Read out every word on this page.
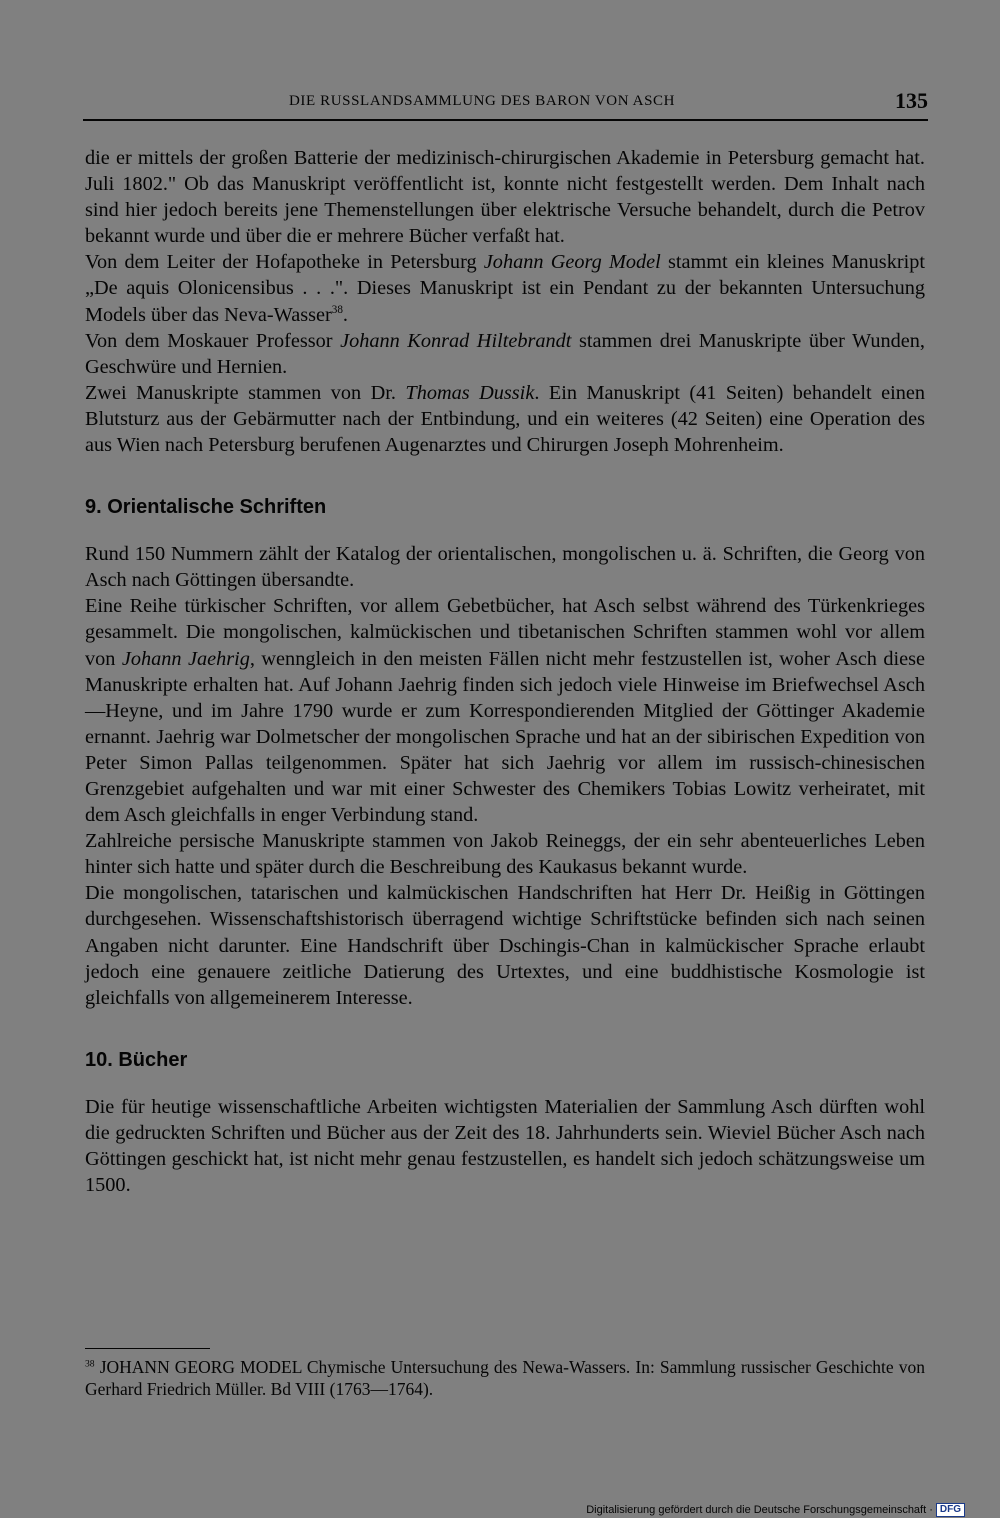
DIE RUSSLANDSAMMLUNG DES BARON VON ASCH	135

die er mittels der großen Batterie der medizinisch-chirurgischen Akademie in Petersburg gemacht hat. Juli 1802." Ob das Manuskript veröffentlicht ist, konnte nicht festgestellt werden. Dem Inhalt nach sind hier jedoch bereits jene Themenstellungen über elektrische Versuche behandelt, durch die Petrov bekannt wurde und über die er mehrere Bücher verfaßt hat.

Von dem Leiter der Hofapotheke in Petersburg Johann Georg Model stammt ein kleines Manuskript „De aquis Olonicensibus . . .". Dieses Manuskript ist ein Pendant zu der bekannten Untersuchung Models über das Neva-Wasser$^{38}$.

Von dem Moskauer Professor Johann Konrad Hiltebrandt stammen drei Manuskripte über Wunden, Geschwüre und Hernien.

Zwei Manuskripte stammen von Dr. Thomas Dussik. Ein Manuskript (41 Seiten) behandelt einen Blutsturz aus der Gebärmutter nach der Entbindung, und ein weiteres (42 Seiten) eine Operation des aus Wien nach Petersburg berufenen Augenarztes und Chirurgen Joseph Mohrenheim.

9. Orientalische Schriften

Rund 150 Nummern zählt der Katalog der orientalischen, mongolischen u. ä. Schriften, die Georg von Asch nach Göttingen übersandte.

Eine Reihe türkischer Schriften, vor allem Gebetbücher, hat Asch selbst während des Türkenkrieges gesammelt. Die mongolischen, kalmückischen und tibetanischen Schriften stammen wohl vor allem von Johann Jaehrig, wenngleich in den meisten Fällen nicht mehr festzustellen ist, woher Asch diese Manuskripte erhalten hat. Auf Johann Jaehrig finden sich jedoch viele Hinweise im Briefwechsel Asch—Heyne, und im Jahre 1790 wurde er zum Korrespondierenden Mitglied der Göttinger Akademie ernannt. Jaehrig war Dolmetscher der mongolischen Sprache und hat an der sibirischen Expedition von Peter Simon Pallas teilgenommen. Später hat sich Jaehrig vor allem im russisch-chinesischen Grenzgebiet aufgehalten und war mit einer Schwester des Chemikers Tobias Lowitz verheiratet, mit dem Asch gleichfalls in enger Verbindung stand.

Zahlreiche persische Manuskripte stammen von Jakob Reineggs, der ein sehr abenteuerliches Leben hinter sich hatte und später durch die Beschreibung des Kaukasus bekannt wurde.

Die mongolischen, tatarischen und kalmückischen Handschriften hat Herr Dr. Heißig in Göttingen durchgesehen. Wissenschaftshistorisch überragend wichtige Schriftstücke befinden sich nach seinen Angaben nicht darunter. Eine Handschrift über Dschingis-Chan in kalmückischer Sprache erlaubt jedoch eine genauere zeitliche Datierung des Urtextes, und eine buddhistische Kosmologie ist gleichfalls von allgemeinerem Interesse.

10. Bücher

Die für heutige wissenschaftliche Arbeiten wichtigsten Materialien der Sammlung Asch dürften wohl die gedruckten Schriften und Bücher aus der Zeit des 18. Jahrhunderts sein. Wieviel Bücher Asch nach Göttingen geschickt hat, ist nicht mehr genau festzustellen, es handelt sich jedoch schätzungsweise um 1500.

$^{38}$ JOHANN GEORG MODEL Chymische Untersuchung des Newa-Wassers. In: Sammlung russischer Geschichte von Gerhard Friedrich Müller. Bd VIII (1763—1764).
Digitalisierung gefördert durch die Deutsche Forschungsgemeinschaft · DFG
